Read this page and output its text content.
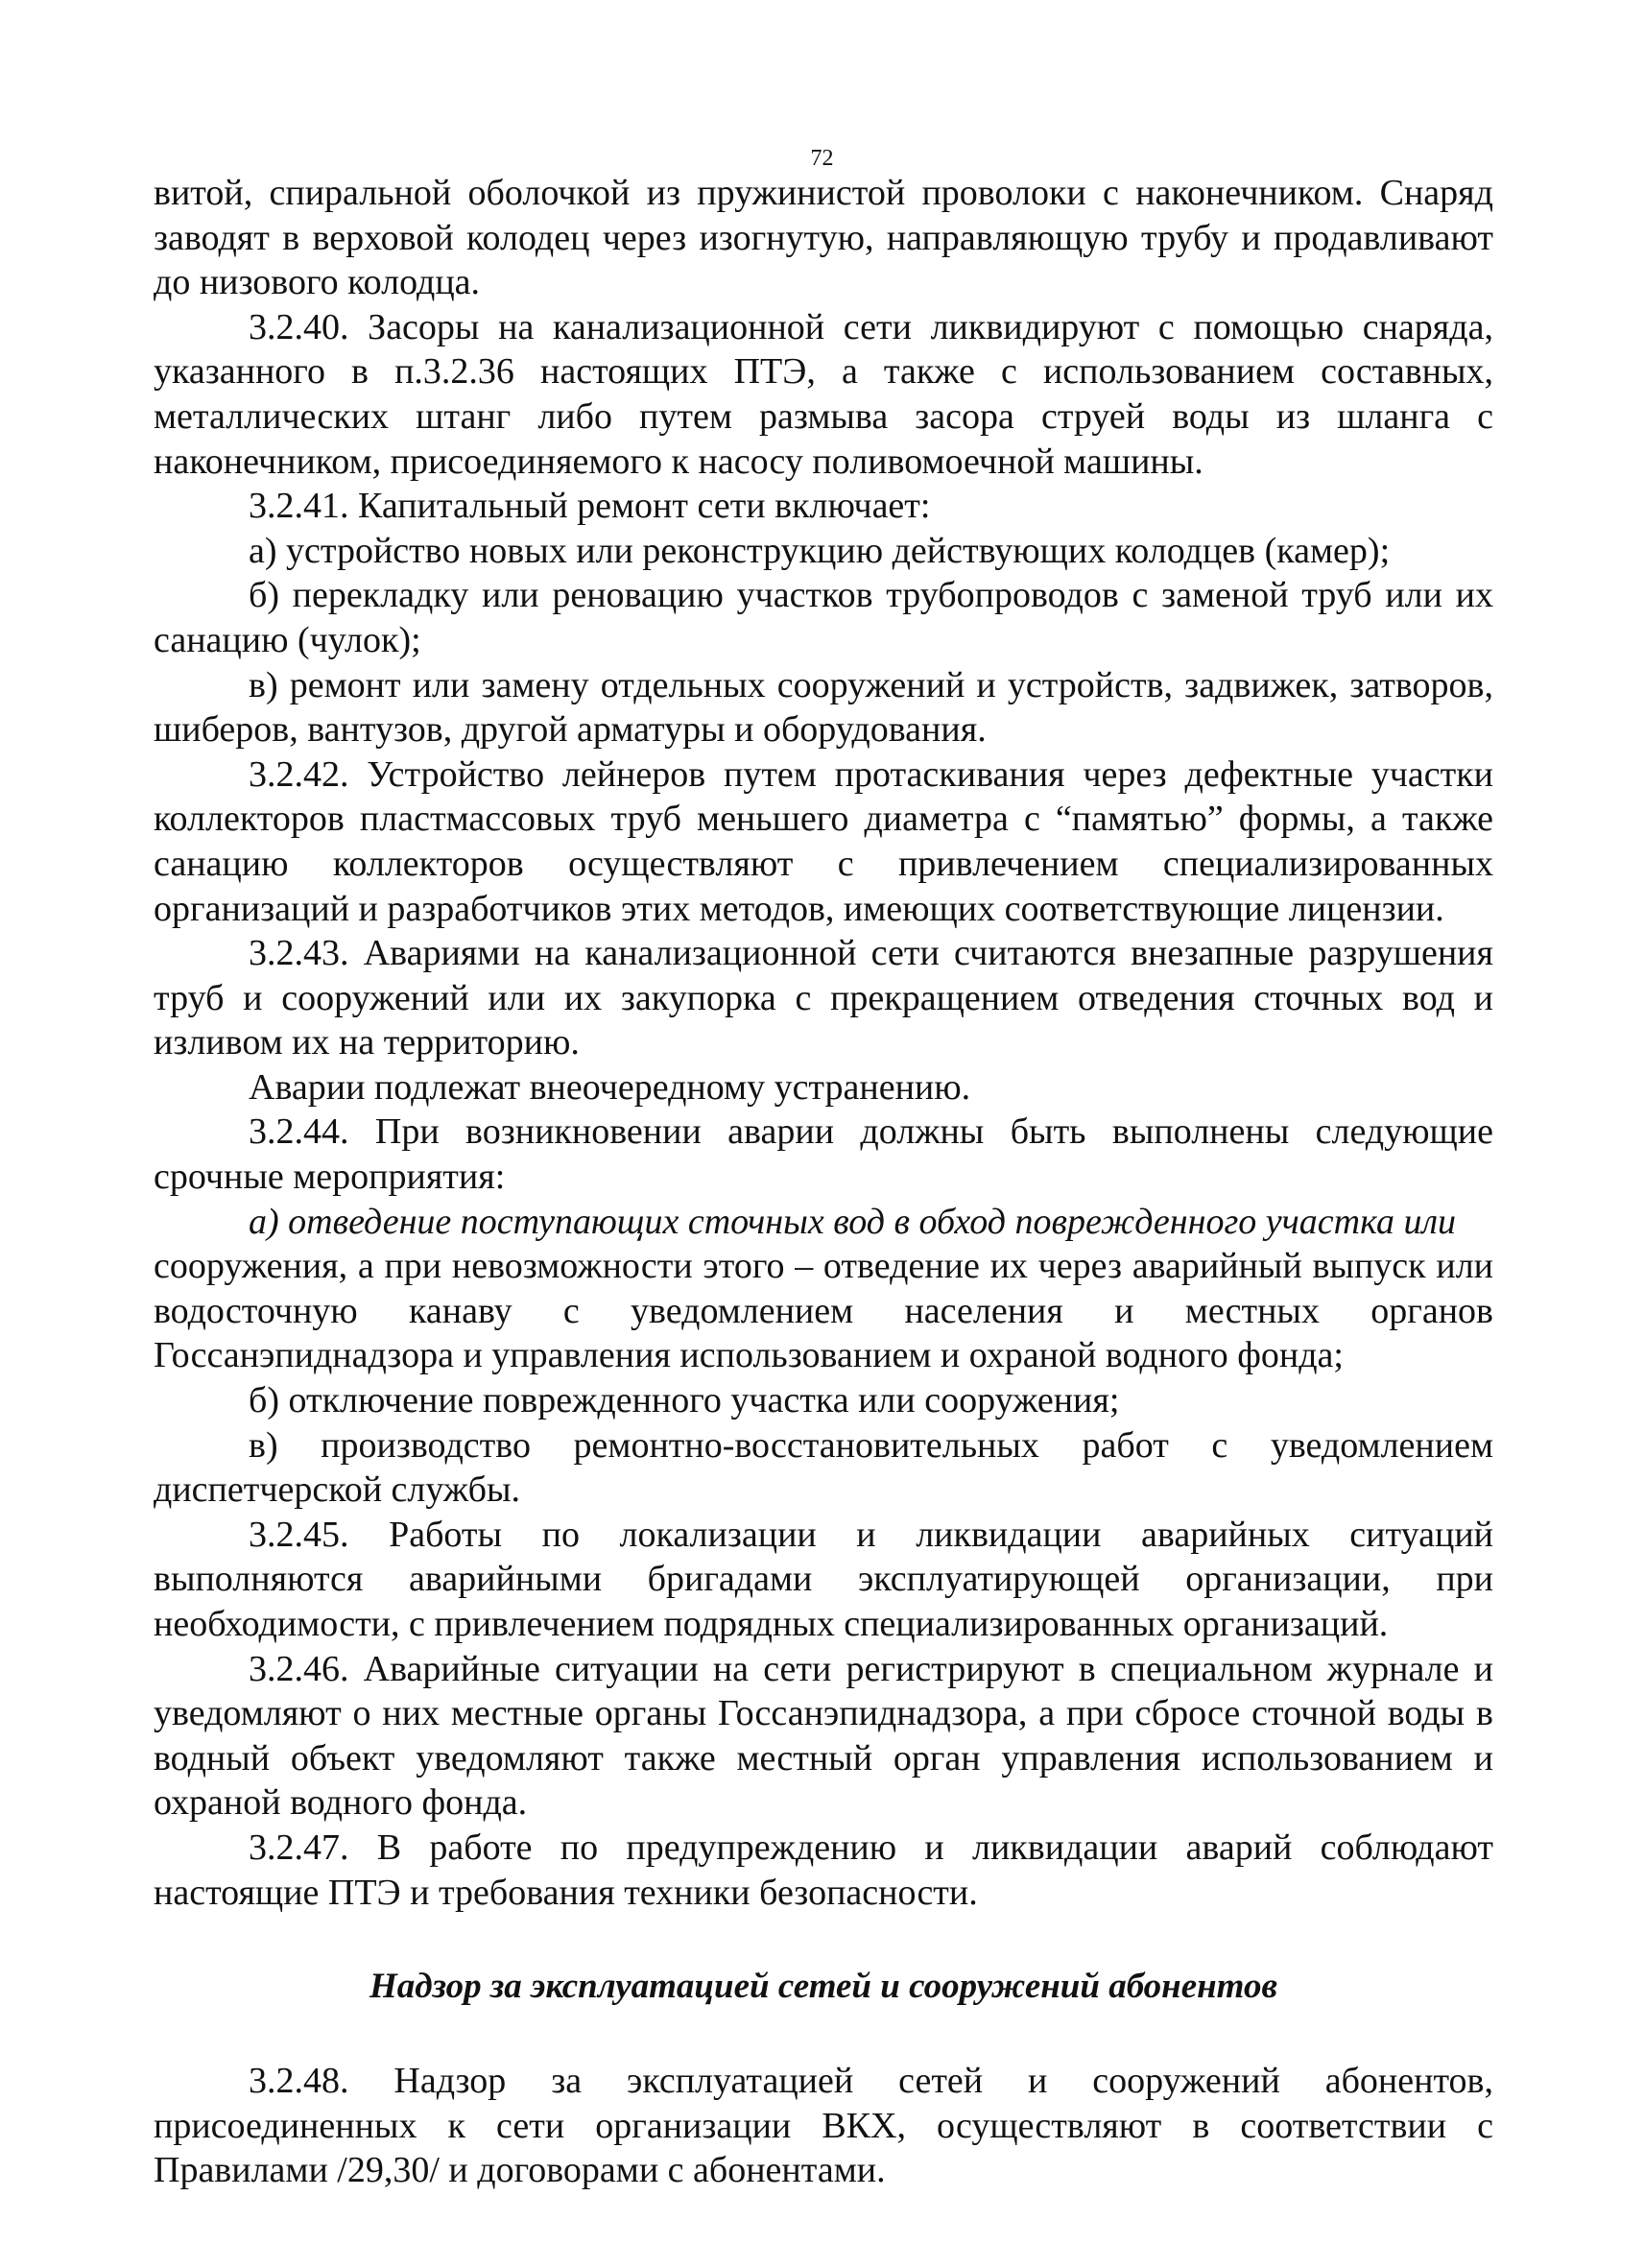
72

витой, спиральной оболочкой из пружинистой проволоки с наконечником. Снаряд заводят в верховой колодец через изогнутую, направляющую трубу и продавливают до низового колодца.

3.2.40. Засоры на канализационной сети ликвидируют с помощью снаряда, указанного в п.3.2.36 настоящих ПТЭ, а также с использованием составных, металлических штанг либо путем размыва засора струей воды из шланга с наконечником, присоединяемого к насосу поливомоечной машины.

3.2.41. Капитальный ремонт сети включает:

а) устройство новых или реконструкцию действующих колодцев (камер);

б) перекладку или реновацию участков трубопроводов с заменой труб или их санацию (чулок);

в) ремонт или замену отдельных сооружений и устройств, задвижек, затворов, шиберов, вантузов, другой арматуры и оборудования.

3.2.42. Устройство лейнеров путем протаскивания через дефектные участки коллекторов пластмассовых труб меньшего диаметра с “памятью” формы, а также санацию коллекторов осуществляют с привлечением специализированных организаций и разработчиков этих методов, имеющих соответствующие лицензии.

3.2.43. Авариями на канализационной сети считаются внезапные разрушения труб и сооружений или их закупорка с прекращением отведения сточных вод и изливом их на территорию.

Аварии подлежат внеочередному устранению.

3.2.44. При возникновении аварии должны быть выполнены следующие срочные мероприятия:

а) отведение поступающих сточных вод в обход поврежденного участка или

сооружения, а при невозможности этого – отведение их через аварийный выпуск или водосточную канаву с уведомлением населения и местных органов Госсанэпиднадзора и управления использованием и охраной водного фонда;

б) отключение поврежденного участка или сооружения;

в) производство ремонтно-восстановительных работ с уведомлением диспетчерской службы.

3.2.45. Работы по локализации и ликвидации аварийных ситуаций выполняются аварийными бригадами эксплуатирующей организации, при необходимости, с привлечением подрядных специализированных организаций.

3.2.46. Аварийные ситуации на сети регистрируют в специальном журнале и уведомляют о них местные органы Госсанэпиднадзора, а при сбросе сточной воды в водный объект уведомляют также местный орган управления использованием и охраной водного фонда.

3.2.47. В работе по предупреждению и ликвидации аварий соблюдают настоящие ПТЭ и требования техники безопасности.

Надзор за эксплуатацией сетей и сооружений абонентов

3.2.48. Надзор за эксплуатацией сетей и сооружений абонентов, присоединенных к сети организации ВКХ, осуществляют в соответствии с Правилами /29,30/ и договорами с абонентами.
